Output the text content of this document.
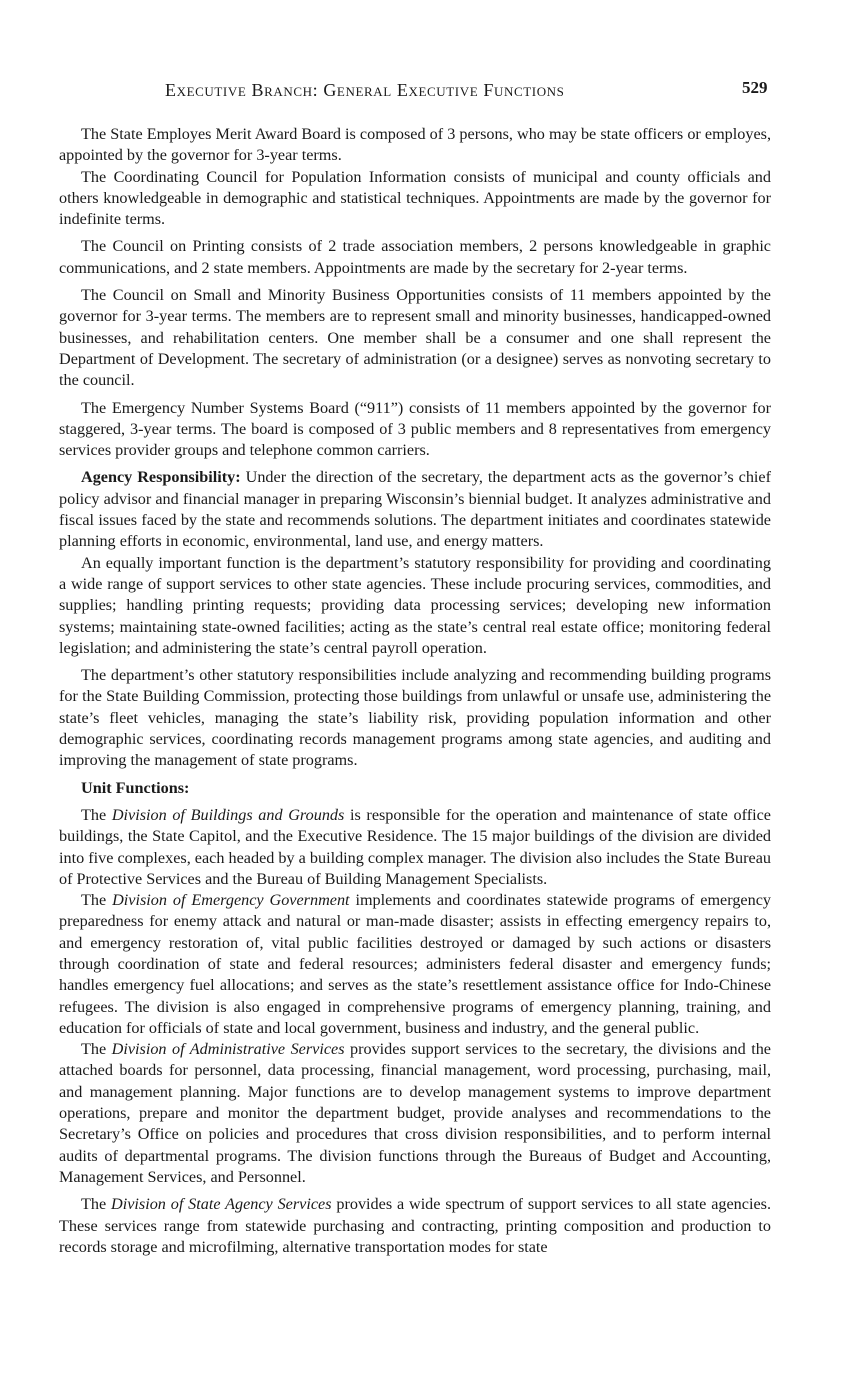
Executive Branch: General Executive Functions	529

The State Employes Merit Award Board is composed of 3 persons, who may be state officers or employes, appointed by the governor for 3-year terms.

The Coordinating Council for Population Information consists of municipal and county officials and others knowledgeable in demographic and statistical techniques. Appointments are made by the governor for indefinite terms.

The Council on Printing consists of 2 trade association members, 2 persons knowledgeable in graphic communications, and 2 state members. Appointments are made by the secretary for 2-year terms.

The Council on Small and Minority Business Opportunities consists of 11 members appointed by the governor for 3-year terms. The members are to represent small and minority businesses, handicapped-owned businesses, and rehabilitation centers. One member shall be a consumer and one shall represent the Department of Development. The secretary of administration (or a designee) serves as nonvoting secretary to the council.

The Emergency Number Systems Board (“911”) consists of 11 members appointed by the governor for staggered, 3-year terms. The board is composed of 3 public members and 8 representatives from emergency services provider groups and telephone common carriers.

Agency Responsibility: Under the direction of the secretary, the department acts as the governor’s chief policy advisor and financial manager in preparing Wisconsin’s biennial budget. It analyzes administrative and fiscal issues faced by the state and recommends solutions. The department initiates and coordinates statewide planning efforts in economic, environmental, land use, and energy matters.

An equally important function is the department’s statutory responsibility for providing and coordinating a wide range of support services to other state agencies. These include procuring services, commodities, and supplies; handling printing requests; providing data processing services; developing new information systems; maintaining state-owned facilities; acting as the state’s central real estate office; monitoring federal legislation; and administering the state’s central payroll operation.

The department’s other statutory responsibilities include analyzing and recommending building programs for the State Building Commission, protecting those buildings from unlawful or unsafe use, administering the state’s fleet vehicles, managing the state’s liability risk, providing population information and other demographic services, coordinating records management programs among state agencies, and auditing and improving the management of state programs.

Unit Functions:

The Division of Buildings and Grounds is responsible for the operation and maintenance of state office buildings, the State Capitol, and the Executive Residence. The 15 major buildings of the division are divided into five complexes, each headed by a building complex manager. The division also includes the State Bureau of Protective Services and the Bureau of Building Management Specialists.

The Division of Emergency Government implements and coordinates statewide programs of emergency preparedness for enemy attack and natural or man-made disaster; assists in effecting emergency repairs to, and emergency restoration of, vital public facilities destroyed or damaged by such actions or disasters through coordination of state and federal resources; administers federal disaster and emergency funds; handles emergency fuel allocations; and serves as the state’s resettlement assistance office for Indo-Chinese refugees. The division is also engaged in comprehensive programs of emergency planning, training, and education for officials of state and local government, business and industry, and the general public.

The Division of Administrative Services provides support services to the secretary, the divisions and the attached boards for personnel, data processing, financial management, word processing, purchasing, mail, and management planning. Major functions are to develop management systems to improve department operations, prepare and monitor the department budget, provide analyses and recommendations to the Secretary’s Office on policies and procedures that cross division responsibilities, and to perform internal audits of departmental programs. The division functions through the Bureaus of Budget and Accounting, Management Services, and Personnel.

The Division of State Agency Services provides a wide spectrum of support services to all state agencies. These services range from statewide purchasing and contracting, printing composition and production to records storage and microfilming, alternative transportation modes for state
